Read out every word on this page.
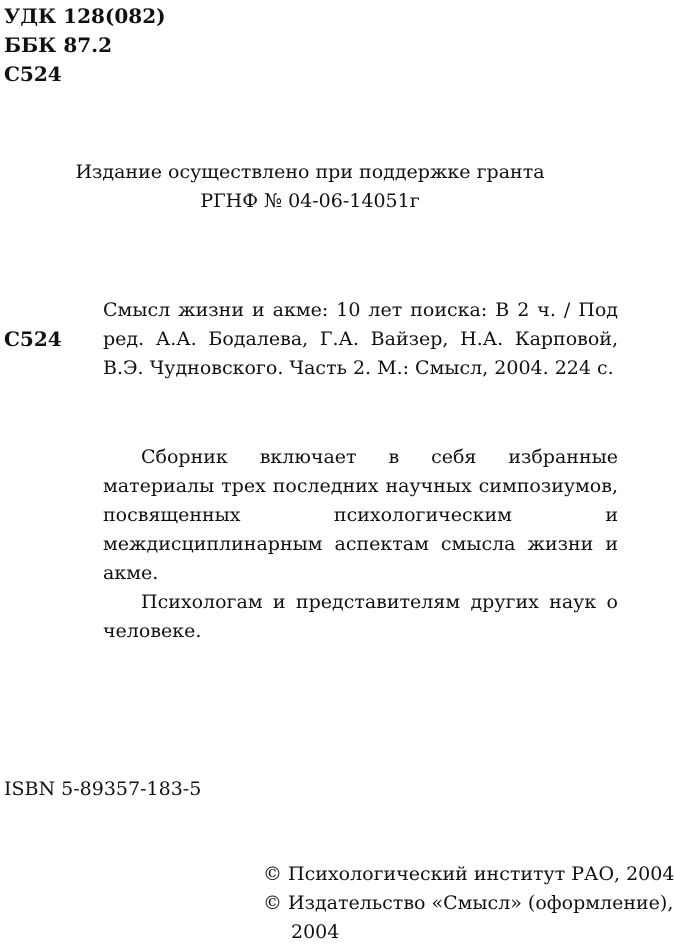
УДК 128(082)
ББК 87.2
С524
Издание осуществлено при поддержке гранта
РГНФ № 04-06-14051г
С524
Смысл жизни и акме: 10 лет поиска: В 2 ч. / Под ред. А.А. Бодалева, Г.А. Вайзер, Н.А. Карповой, В.Э. Чудновского. Часть 2. М.: Смысл, 2004. 224 с.

Сборник включает в себя избранные материалы трех последних научных симпозиумов, посвященных психологическим и междисциплинарным аспектам смысла жизни и акме.

Психологам и представителям других наук о человеке.

ISBN 5-89357-183-5
© Психологический институт РАО, 2004
© Издательство «Смысл» (оформление),
2004
